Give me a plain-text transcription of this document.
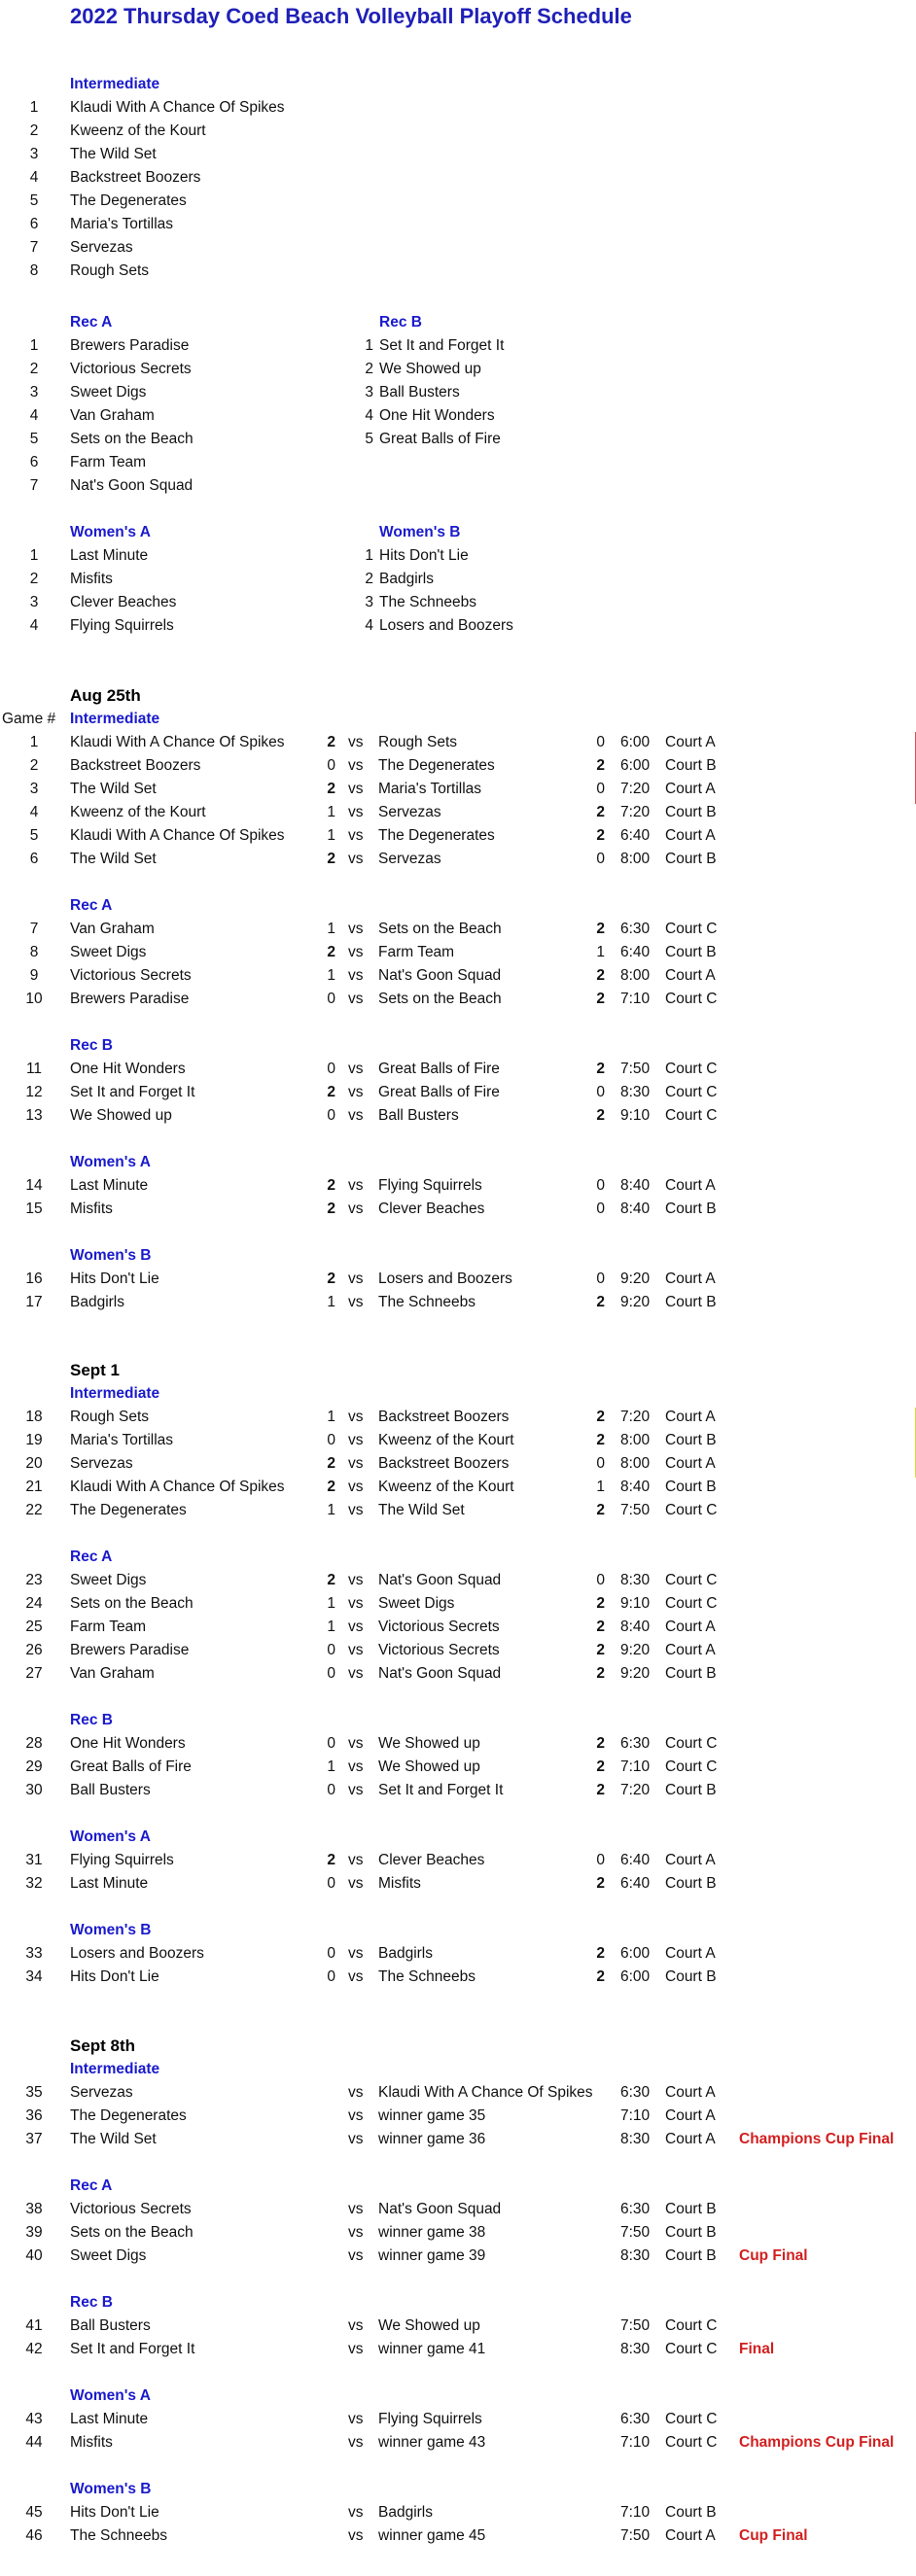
2022 Thursday Coed Beach Volleyball Playoff Schedule
Intermediate
1	Klaudi With A Chance Of Spikes
2	Kweenz of the Kourt
3	The Wild Set
4	Backstreet Boozers
5	The Degenerates
6	Maria's Tortillas
7	Servezas
8	Rough Sets
Rec A
1	Brewers Paradise
2	Victorious Secrets
3	Sweet Digs
4	Van Graham
5	Sets on the Beach
6	Farm Team
7	Nat's Goon Squad
Rec B
1 Set It and Forget It
2 We Showed up
3 Ball Busters
4 One Hit Wonders
5 Great Balls of Fire
Women's A
1	Last Minute
2	Misfits
3	Clever Beaches
4	Flying Squirrels
Women's B
1 Hits Don't Lie
2 Badgirls
3 The Schneebs
4 Losers and Boozers
Aug 25th
Game # Intermediate
1	Klaudi With A Chance Of Spikes	2 vs Rough Sets	0 6:00 Court A
2	Backstreet Boozers	0 vs The Degenerates	2 6:00 Court B
3	The Wild Set	2 vs Maria's Tortillas	0 7:20 Court A
4	Kweenz of the Kourt	1 vs Servezas	2 7:20 Court B
5	Klaudi With A Chance Of Spikes	1 vs The Degenerates	2 6:40 Court A
6	The Wild Set	2 vs Servezas	0 8:00 Court B
Rec A
7	Van Graham	1 vs Sets on the Beach	2 6:30 Court C
8	Sweet Digs	2 vs Farm Team	1 6:40 Court B
9	Victorious Secrets	1 vs Nat's Goon Squad	2 8:00 Court A
10	Brewers Paradise	0 vs Sets on the Beach	2 7:10 Court C
Rec B
11	One Hit Wonders	0 vs Great Balls of Fire	2 7:50 Court C
12	Set It and Forget It	2 vs Great Balls of Fire	0 8:30 Court C
13	We Showed up	0 vs Ball Busters	2 9:10 Court C
Women's A
14	Last Minute	2 vs Flying Squirrels	0 8:40 Court A
15	Misfits	2 vs Clever Beaches	0 8:40 Court B
Women's B
16	Hits Don't Lie	2 vs Losers and Boozers	0 9:20 Court A
17	Badgirls	1 vs The Schneebs	2 9:20 Court B
Sept 1
Intermediate
18	Rough Sets	1 vs Backstreet Boozers	2 7:20 Court A
19	Maria's Tortillas	0 vs Kweenz of the Kourt	2 8:00 Court B
20	Servezas	2 vs Backstreet Boozers	0 8:00 Court A
21	Klaudi With A Chance Of Spikes	2 vs Kweenz of the Kourt	1 8:40 Court B
22	The Degenerates	1 vs The Wild Set	2 7:50 Court C
Rec A
23	Sweet Digs	2 vs Nat's Goon Squad	0 8:30 Court C
24	Sets on the Beach	1 vs Sweet Digs	2 9:10 Court C
25	Farm Team	1 vs Victorious Secrets	2 8:40 Court A
26	Brewers Paradise	0 vs Victorious Secrets	2 9:20 Court A
27	Van Graham	0 vs Nat's Goon Squad	2 9:20 Court B
Rec B
28	One Hit Wonders	0 vs We Showed up	2 6:30 Court C
29	Great Balls of Fire	1 vs We Showed up	2 7:10 Court C
30	Ball Busters	0 vs Set It and Forget It	2 7:20 Court B
Women's A
31	Flying Squirrels	2 vs Clever Beaches	0 6:40 Court A
32	Last Minute	0 vs Misfits	2 6:40 Court B
Women's B
33	Losers and Boozers	0 vs Badgirls	2 6:00 Court A
34	Hits Don't Lie	0 vs The Schneebs	2 6:00 Court B
Sept 8th
Intermediate
35	Servezas	vs Klaudi With A Chance Of Spikes 6:30 Court A
36	The Degenerates	vs winner game 35	7:10 Court A
37	The Wild Set	vs winner game 36	8:30 Court A Champions Cup Final
Rec A
38	Victorious Secrets	vs Nat's Goon Squad	6:30 Court B
39	Sets on the Beach	vs winner game 38	7:50 Court B
40	Sweet Digs	vs winner game 39	8:30 Court B Cup Final
Rec B
41	Ball Busters	vs We Showed up	7:50 Court C
42	Set It and Forget It	vs winner game 41	8:30 Court C Final
Women's A
43	Last Minute	vs Flying Squirrels	6:30 Court C
44	Misfits	vs winner game 43	7:10 Court C Champions Cup Final
Women's B
45	Hits Don't Lie	vs Badgirls	7:10 Court B
46	The Schneebs	vs winner game 45	7:50 Court A Cup Final
